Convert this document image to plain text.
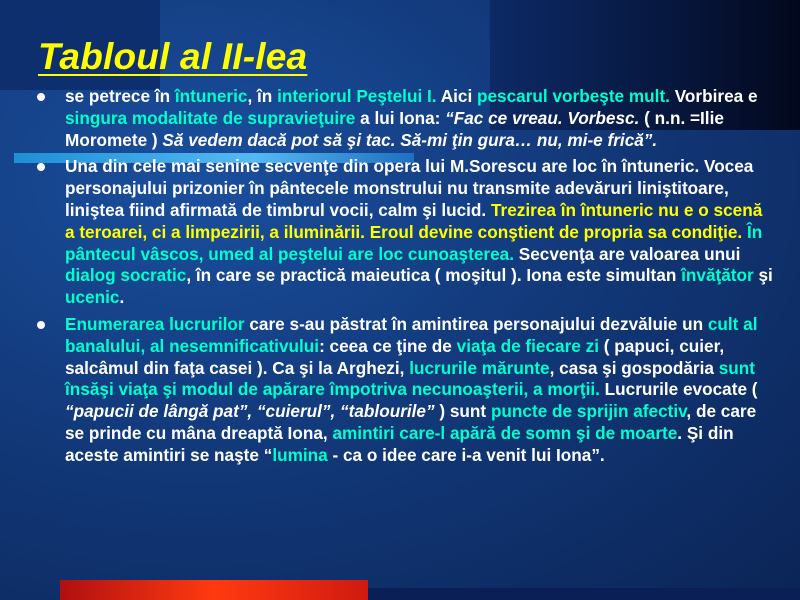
Tabloul al II-lea
se petrece în întuneric, în interiorul Peştelui I. Aici pescarul vorbeşte mult. Vorbirea e singura modalitate de supravieţuire a lui Iona: “Fac ce vreau. Vorbesc. ( n.n. =Ilie Moromete ) Să vedem dacă pot să şi tac. Să-mi ţin gura… nu, mi-e frică”.
Una din cele mai senine secvenţe din opera lui M.Sorescu are loc în întuneric. Vocea personajului prizonier în pântecele monstrului nu transmite adevăruri liniştitoare, liniştea fiind afirmată de timbrul vocii, calm şi lucid. Trezirea în întuneric nu e o scenă a teroarei, ci a limpezirii, a iluminării. Eroul devine conştient de propria sa condiţie. În pântecul vâscos, umed al peştelui are loc cunoaşterea. Secvenţa are valoarea unui dialog socratic, în care se practică maieutica ( moşitul ). Iona este simultan învăţător şi ucenic.
Enumerarea lucrurilor care s-au păstrat în amintirea personajului dezvăluie un cult al banalului, al nesemnificativului: ceea ce ţine de viaţa de fiecare zi ( papuci, cuier, salcâmul din faţa casei ). Ca şi la Arghezi, lucrurile mărunte, casa şi gospodăria sunt însăşi viaţa şi modul de apărare împotriva necunoaşterii, a morţii. Lucrurile evocate ( “papucii de lângă pat”, “cuierul”, “tablourile” ) sunt puncte de sprijin afectiv, de care se prinde cu mâna dreaptă Iona, amintiri care-l apără de somn şi de moarte. Şi din aceste amintiri se naşte “lumina - ca o idee care i-a venit lui Iona”.
